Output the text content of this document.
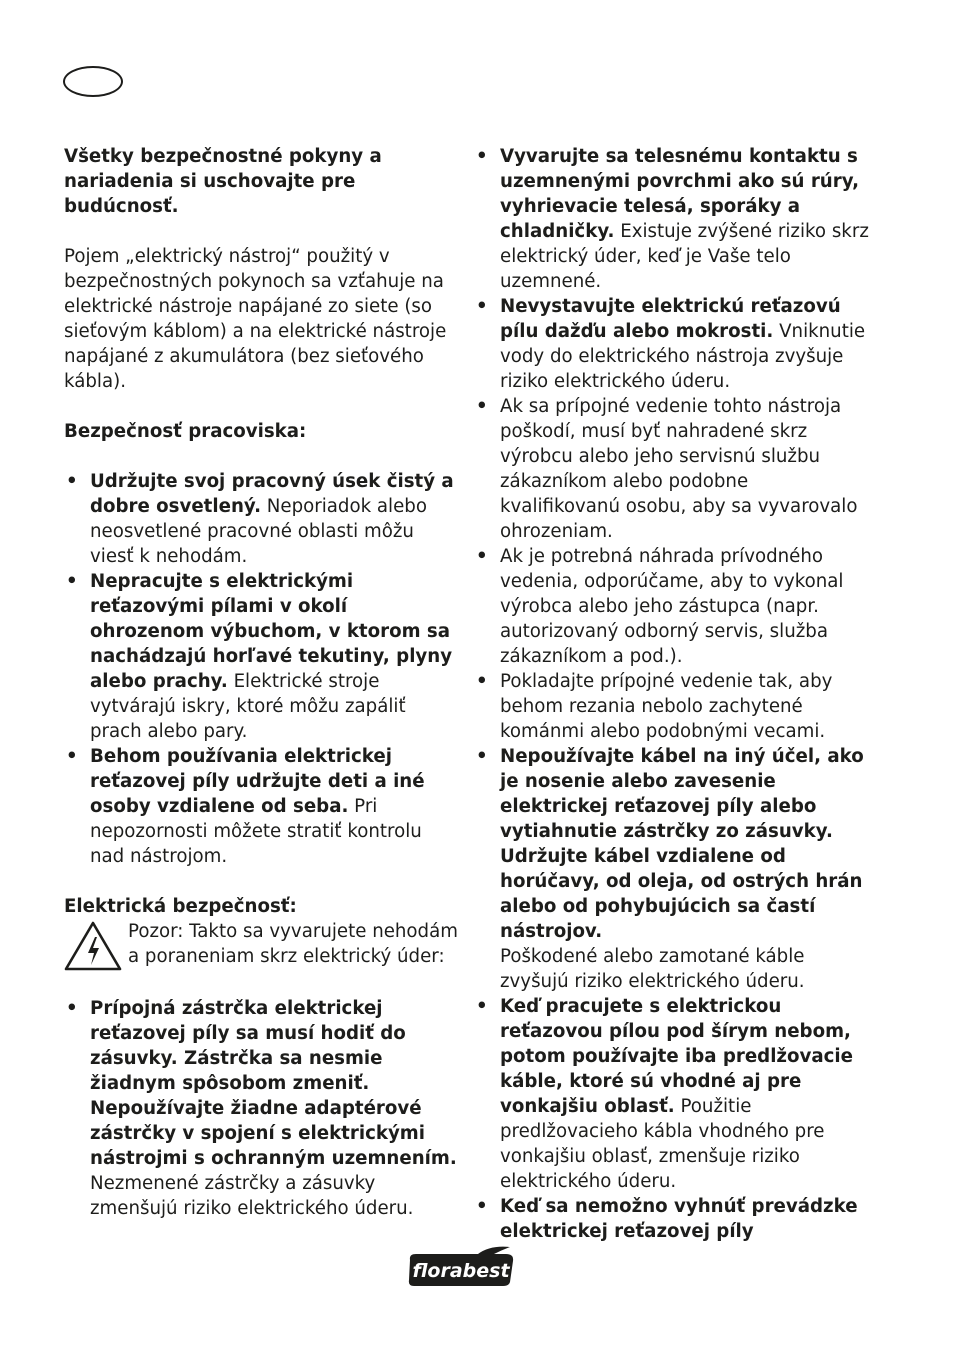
Všetky bezpečnostné pokyny a nariadenia si uschovajte pre budúcnosť.

Pojem „elektrický nástroj“ použitý v bezpečnostných pokynoch sa vzťahuje na elektrické nástroje napájané zo siete (so sieťovým káblom) a na elektrické nástroje napájané z akumulátora (bez sieťového kábla).

Bezpečnosť pracoviska:

• Udržujte svoj pracovný úsek čistý a dobre osvetlený. Neporiadok alebo neosvetlené pracovné oblasti môžu viesť k nehodám.
• Nepracujte s elektrickými reťazovými pílami v okolí ohrozenom výbuchom, v ktorom sa nachádzajú horľavé tekutiny, plyny alebo prachy. Elektrické stroje vytvárajú iskry, ktoré môžu zapáliť prach alebo pary.
• Behom používania elektrickej reťazovej píly udržujte deti a iné osoby vzdialene od seba. Pri nepozornosti môžete stratiť kontrolu nad nástrojom.

Elektrická bezpečnosť:

Pozor: Takto sa vyvarujete nehodám a poraneniam skrz elektrický úder:

• Prípojná zástrčka elektrickej reťazovej píly sa musí hodiť do zásuvky. Zástrčka sa nesmie žiadnym spôsobom zmeniť. Nepoužívajte žiadne adaptérové zástrčky v spojení s elektrickými nástrojmi s ochranným uzemnením. Nezmenené zástrčky a zásuvky zmenšujú riziko elektrického úderu.
• Vyvarujte sa telesnému kontaktu s uzemnenými povrchmi ako sú rúry, vyhrievacie telesá, sporáky a chladničky. Existuje zvýšené riziko skrz elektrický úder, keď je Vaše telo uzemnené.
• Nevystavujte elektrickú reťazovú pílu dažďu alebo mokrosti. Vniknutie vody do elektrického nástroja zvyšuje riziko elektrického úderu.
• Ak sa prípojné vedenie tohto nástroja poškodí, musí byť nahradené skrz výrobcu alebo jeho servisnú službu zákazníkom alebo podobne kvalifikovanú osobu, aby sa vyvarovalo ohrozeniam.
• Ak je potrebná náhrada prívodného vedenia, odporúčame, aby to vykonal výrobca alebo jeho zástupca (napr. autorizovaný odborný servis, služba zákazníkom a pod.).
• Pokladajte prípojné vedenie tak, aby behom rezania nebolo zachytené kománmi alebo podobnými vecami.
• Nepoužívajte kábel na iný účel, ako je nosenie alebo zavesenie elektrickej reťazovej píly alebo vytiahnutie zástrčky zo zásuvky. Udržujte kábel vzdialene od horúčavy, od oleja, od ostrých hrán alebo od pohybujúcich sa častí nástrojov.

Poškodené alebo zamotané káble zvyšujú riziko elektrického úderu.

• Keď pracujete s elektrickou reťazovou pílou pod šírym nebom, potom používajte iba predlžovacie káble, ktoré sú vhodné aj pre vonkajšiu oblasť. Použitie predlžovacieho kábla vhodného pre vonkajšiu oblasť, zmenšuje riziko elektrického úderu.
• Keď sa nemožno vyhnúť prevádzke elektrickej reťazovej píly
florabest
